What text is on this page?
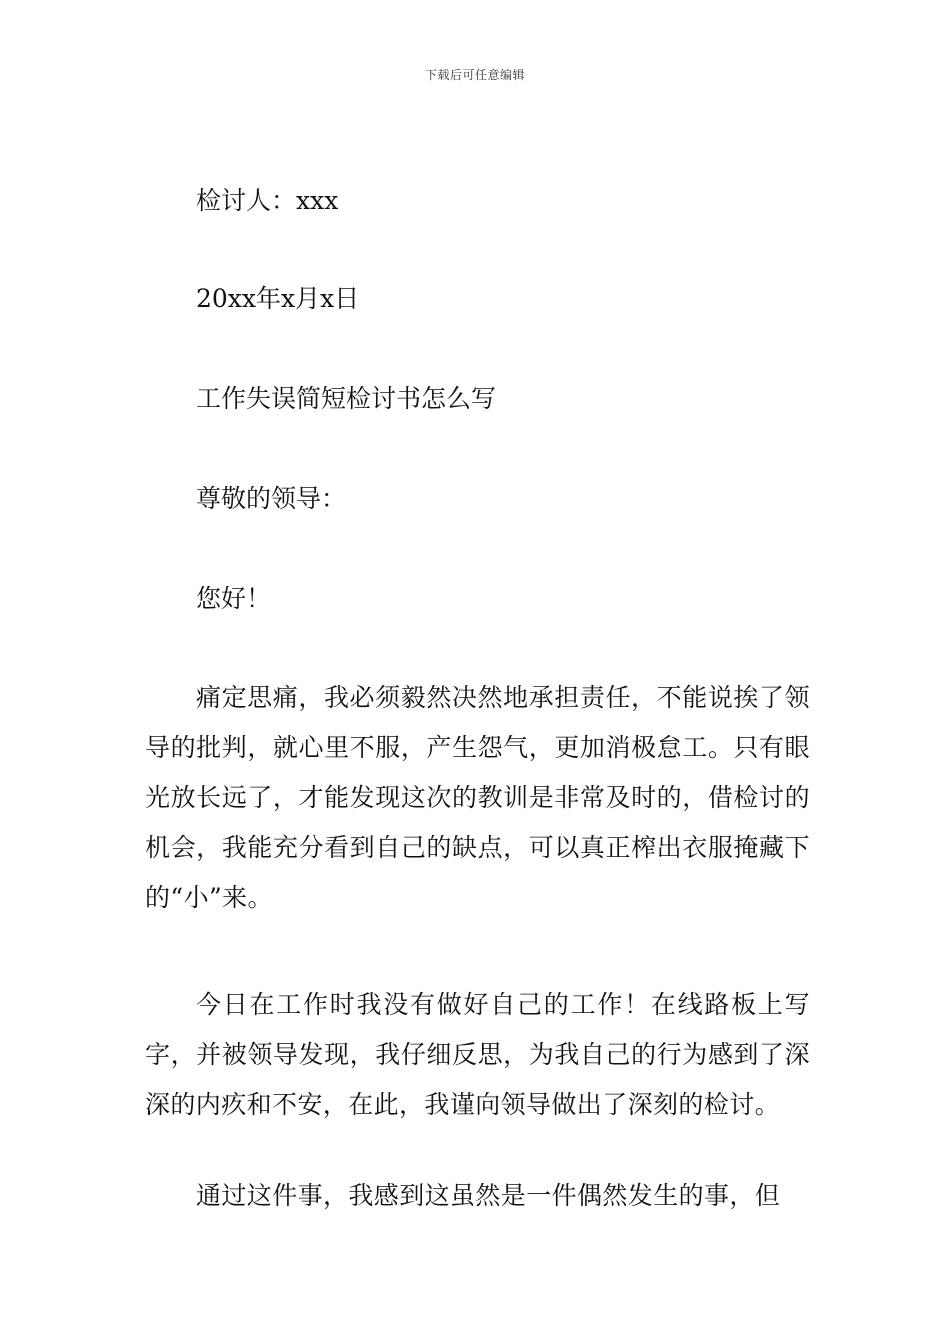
下载后可任意编辑
检讨人：xxx
20xx年x月x日
工作失误简短检讨书怎么写
尊敬的领导：
您好！
痛定思痛，我必须毅然决然地承担责任，不能说挨了领导的批判，就心里不服，产生怨气，更加消极怠工。只有眼光放长远了，才能发现这次的教训是非常及时的，借检讨的机会，我能充分看到自己的缺点，可以真正榨出衣服掩藏下的“小”来。
今日在工作时我没有做好自己的工作！在线路板上写字，并被领导发现，我仔细反思，为我自己的行为感到了深深的内疚和不安，在此，我谨向领导做出了深刻的检讨。
通过这件事，我感到这虽然是一件偶然发生的事，但
